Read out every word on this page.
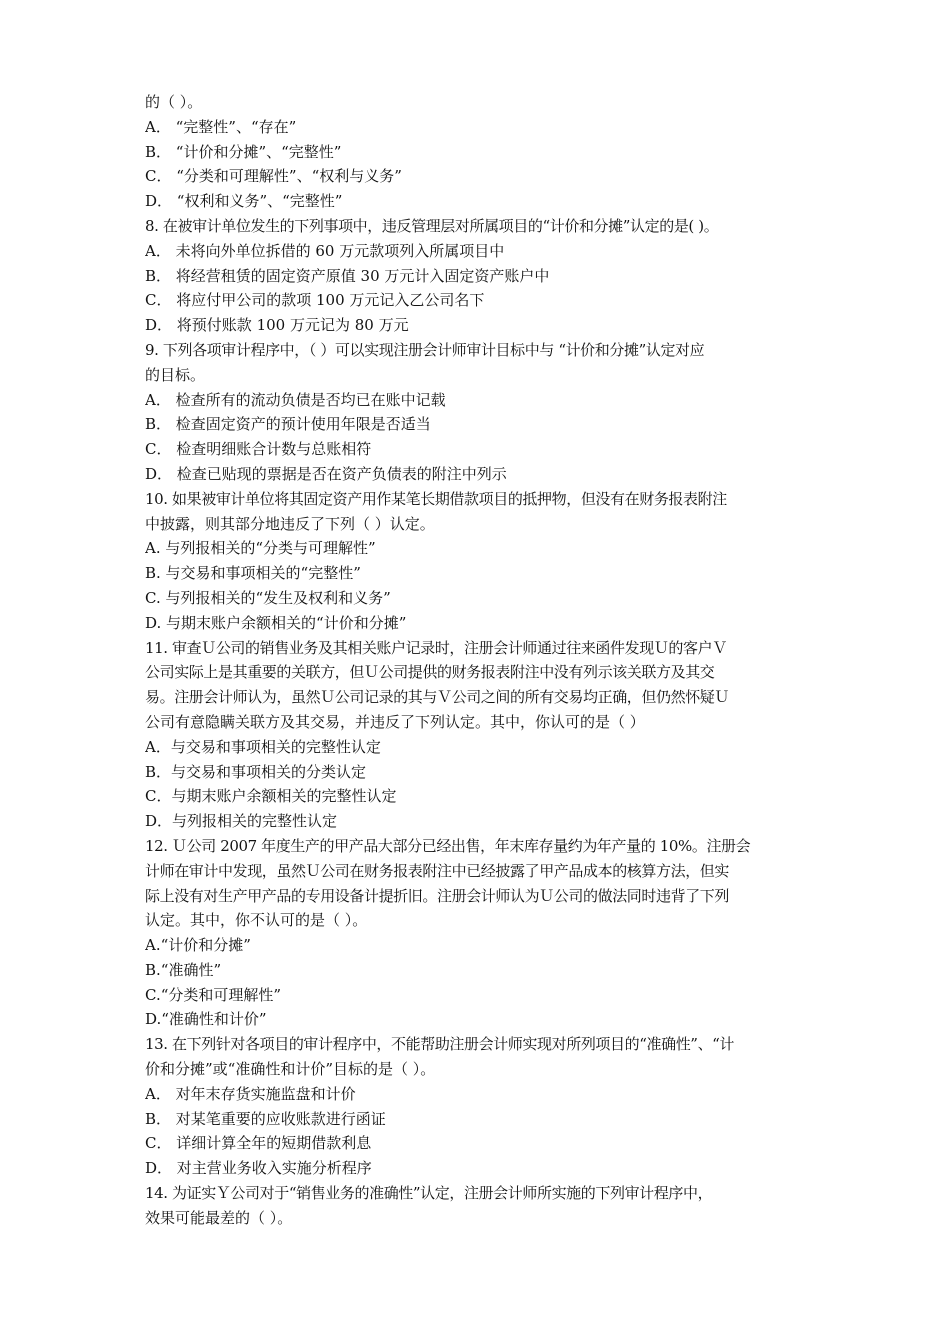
的（ ）。
A． “完整性”、“存在”
B． “计价和分摊”、“完整性”
C． “分类和可理解性”、“权利与义务”
D． “权利和义务”、“完整性”
8. 在被审计单位发生的下列事项中，违反管理层对所属项目的“计价和分摊”认定的是( )。
A． 未将向外单位拆借的 60 万元款项列入所属项目中
B． 将经营租赁的固定资产原值 30 万元计入固定资产账户中
C． 将应付甲公司的款项 100 万元记入乙公司名下
D． 将预付账款 100 万元记为 80 万元
9. 下列各项审计程序中，（ ）可以实现注册会计师审计目标中与 “计价和分摊”认定对应
的目标。
A． 检查所有的流动负债是否均已在账中记载
B． 检查固定资产的预计使用年限是否适当
C． 检查明细账合计数与总账相符
D． 检查已贴现的票据是否在资产负债表的附注中列示
10. 如果被审计单位将其固定资产用作某笔长期借款项目的抵押物，但没有在财务报表附注
中披露，则其部分地违反了下列（ ）认定。
A. 与列报相关的“分类与可理解性”
B. 与交易和事项相关的“完整性”
C. 与列报相关的“发生及权利和义务”
D. 与期末账户余额相关的“计价和分摊”
11. 审查Ｕ公司的销售业务及其相关账户记录时，注册会计师通过往来函件发现Ｕ的客户Ｖ
公司实际上是其重要的关联方，但Ｕ公司提供的财务报表附注中没有列示该关联方及其交
易。注册会计师认为，虽然Ｕ公司记录的其与Ｖ公司之间的所有交易均正确，但仍然怀疑Ｕ
公司有意隐瞒关联方及其交易，并违反了下列认定。其中，你认可的是（ ）
A．与交易和事项相关的完整性认定
B．与交易和事项相关的分类认定
C．与期末账户余额相关的完整性认定
D．与列报相关的完整性认定
12. Ｕ公司 2007 年度生产的甲产品大部分已经出售，年末库存量约为年产量的 10%。注册会
计师在审计中发现，虽然Ｕ公司在财务报表附注中已经披露了甲产品成本的核算方法，但实
际上没有对生产甲产品的专用设备计提折旧。注册会计师认为Ｕ公司的做法同时违背了下列
认定。其中，你不认可的是（ ）。
A.“计价和分摊”
B.“准确性”
C.“分类和可理解性”
D.“准确性和计价”
13. 在下列针对各项目的审计程序中，不能帮助注册会计师实现对所列项目的“准确性”、“计
价和分摊”或“准确性和计价”目标的是（ ）。
A． 对年末存货实施监盘和计价
B． 对某笔重要的应收账款进行函证
C． 详细计算全年的短期借款利息
D． 对主营业务收入实施分析程序
14. 为证实Ｙ公司对于“销售业务的准确性”认定，注册会计师所实施的下列审计程序中，
效果可能最差的（ ）。
